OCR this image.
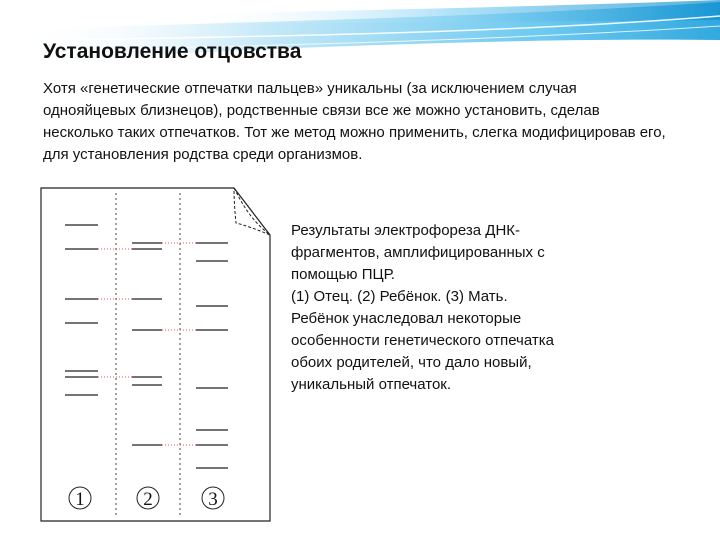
Установление отцовства

Хотя «генетические отпечатки пальцев» уникальны (за исключением случая однояйцевых близнецов), родственные связи все же можно установить, сделав несколько таких отпечатков. Тот же метод можно применить, слегка модифицировав его, для установления родства среди организмов.

1	2	3

Результаты электрофореза ДНК-
фрагментов, амплифицированных с
помощью ПЦР.
(1) Отец. (2) Ребёнок. (3) Мать.
Ребёнок унаследовал некоторые
особенности генетического отпечатка
обоих родителей, что дало новый,
уникальный отпечаток.
